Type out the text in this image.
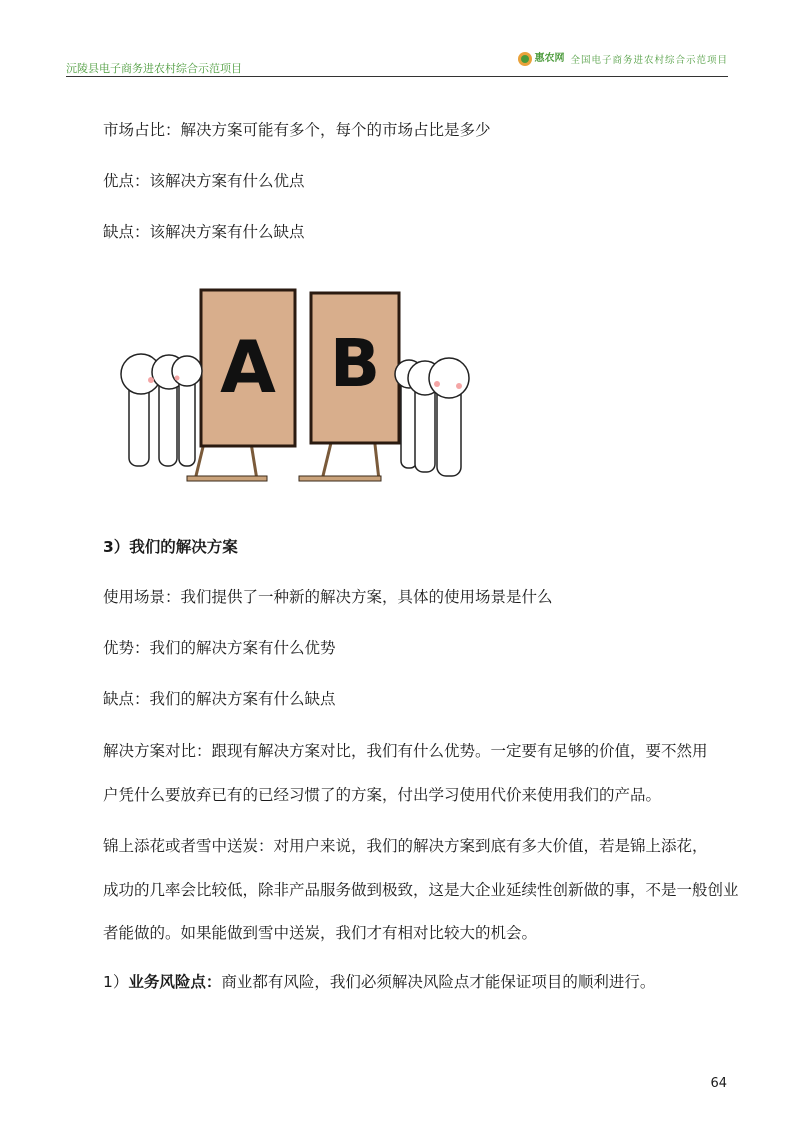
沅陵县电子商务进农村综合示范项目
惠农网 全国电子商务进农村综合示范项目
市场占比：解决方案可能有多个，每个的市场占比是多少
优点：该解决方案有什么优点
缺点：该解决方案有什么缺点
A B
3）我们的解决方案
使用场景：我们提供了一种新的解决方案，具体的使用场景是什么
优势：我们的解决方案有什么优势
缺点：我们的解决方案有什么缺点
解决方案对比：跟现有解决方案对比，我们有什么优势。一定要有足够的价值，要不然用
户凭什么要放弃已有的已经习惯了的方案，付出学习使用代价来使用我们的产品。
锦上添花或者雪中送炭：对用户来说，我们的解决方案到底有多大价值，若是锦上添花，
成功的几率会比较低，除非产品服务做到极致，这是大企业延续性创新做的事，不是一般创业
者能做的。如果能做到雪中送炭，我们才有相对比较大的机会。
1）业务风险点：商业都有风险，我们必须解决风险点才能保证项目的顺利进行。
64
